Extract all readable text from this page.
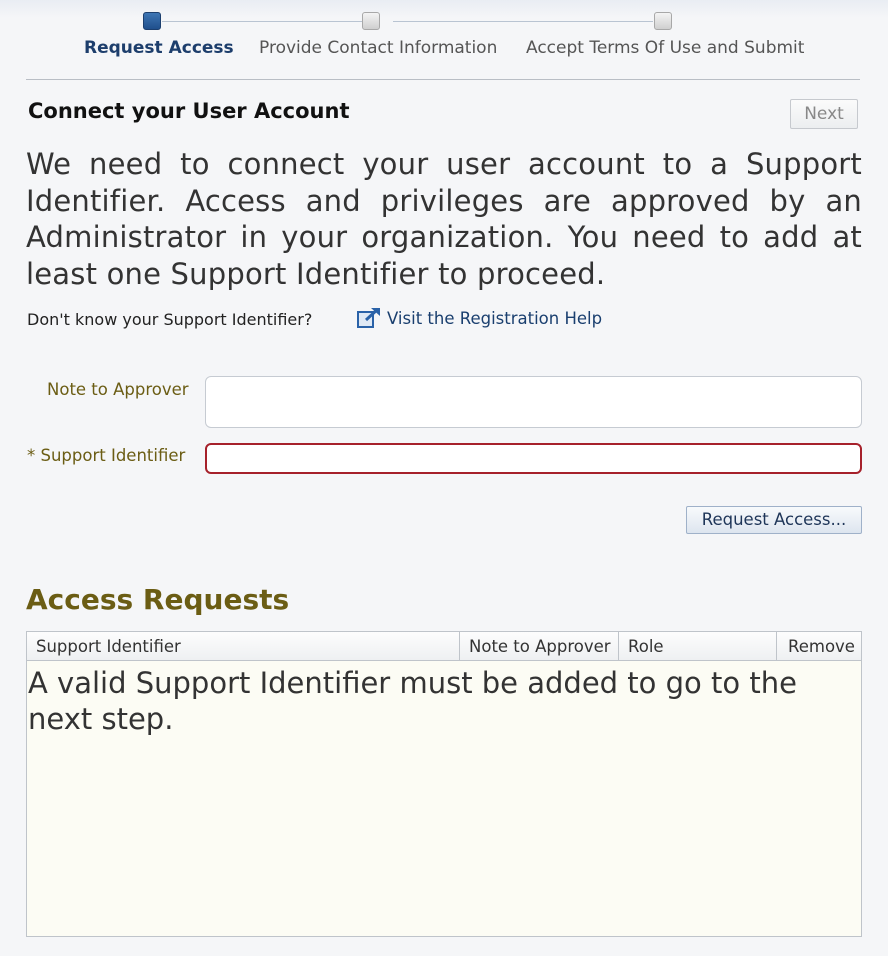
Request Access Provide Contact Information Accept Terms Of Use and Submit
Connect your User Account	Next

We need to connect your user account to a Support Identifier. Access and privileges are approved by an Administrator in your organization. You need to add at least one Support Identifier to proceed.

Don't know your Support Identifier?	Visit the Registration Help
Note to Approver
* Support Identifier
Request Access...
Access Requests
Support Identifier	Note to Approver	Role	Remove
A valid Support Identifier must be added to go to the next step.
